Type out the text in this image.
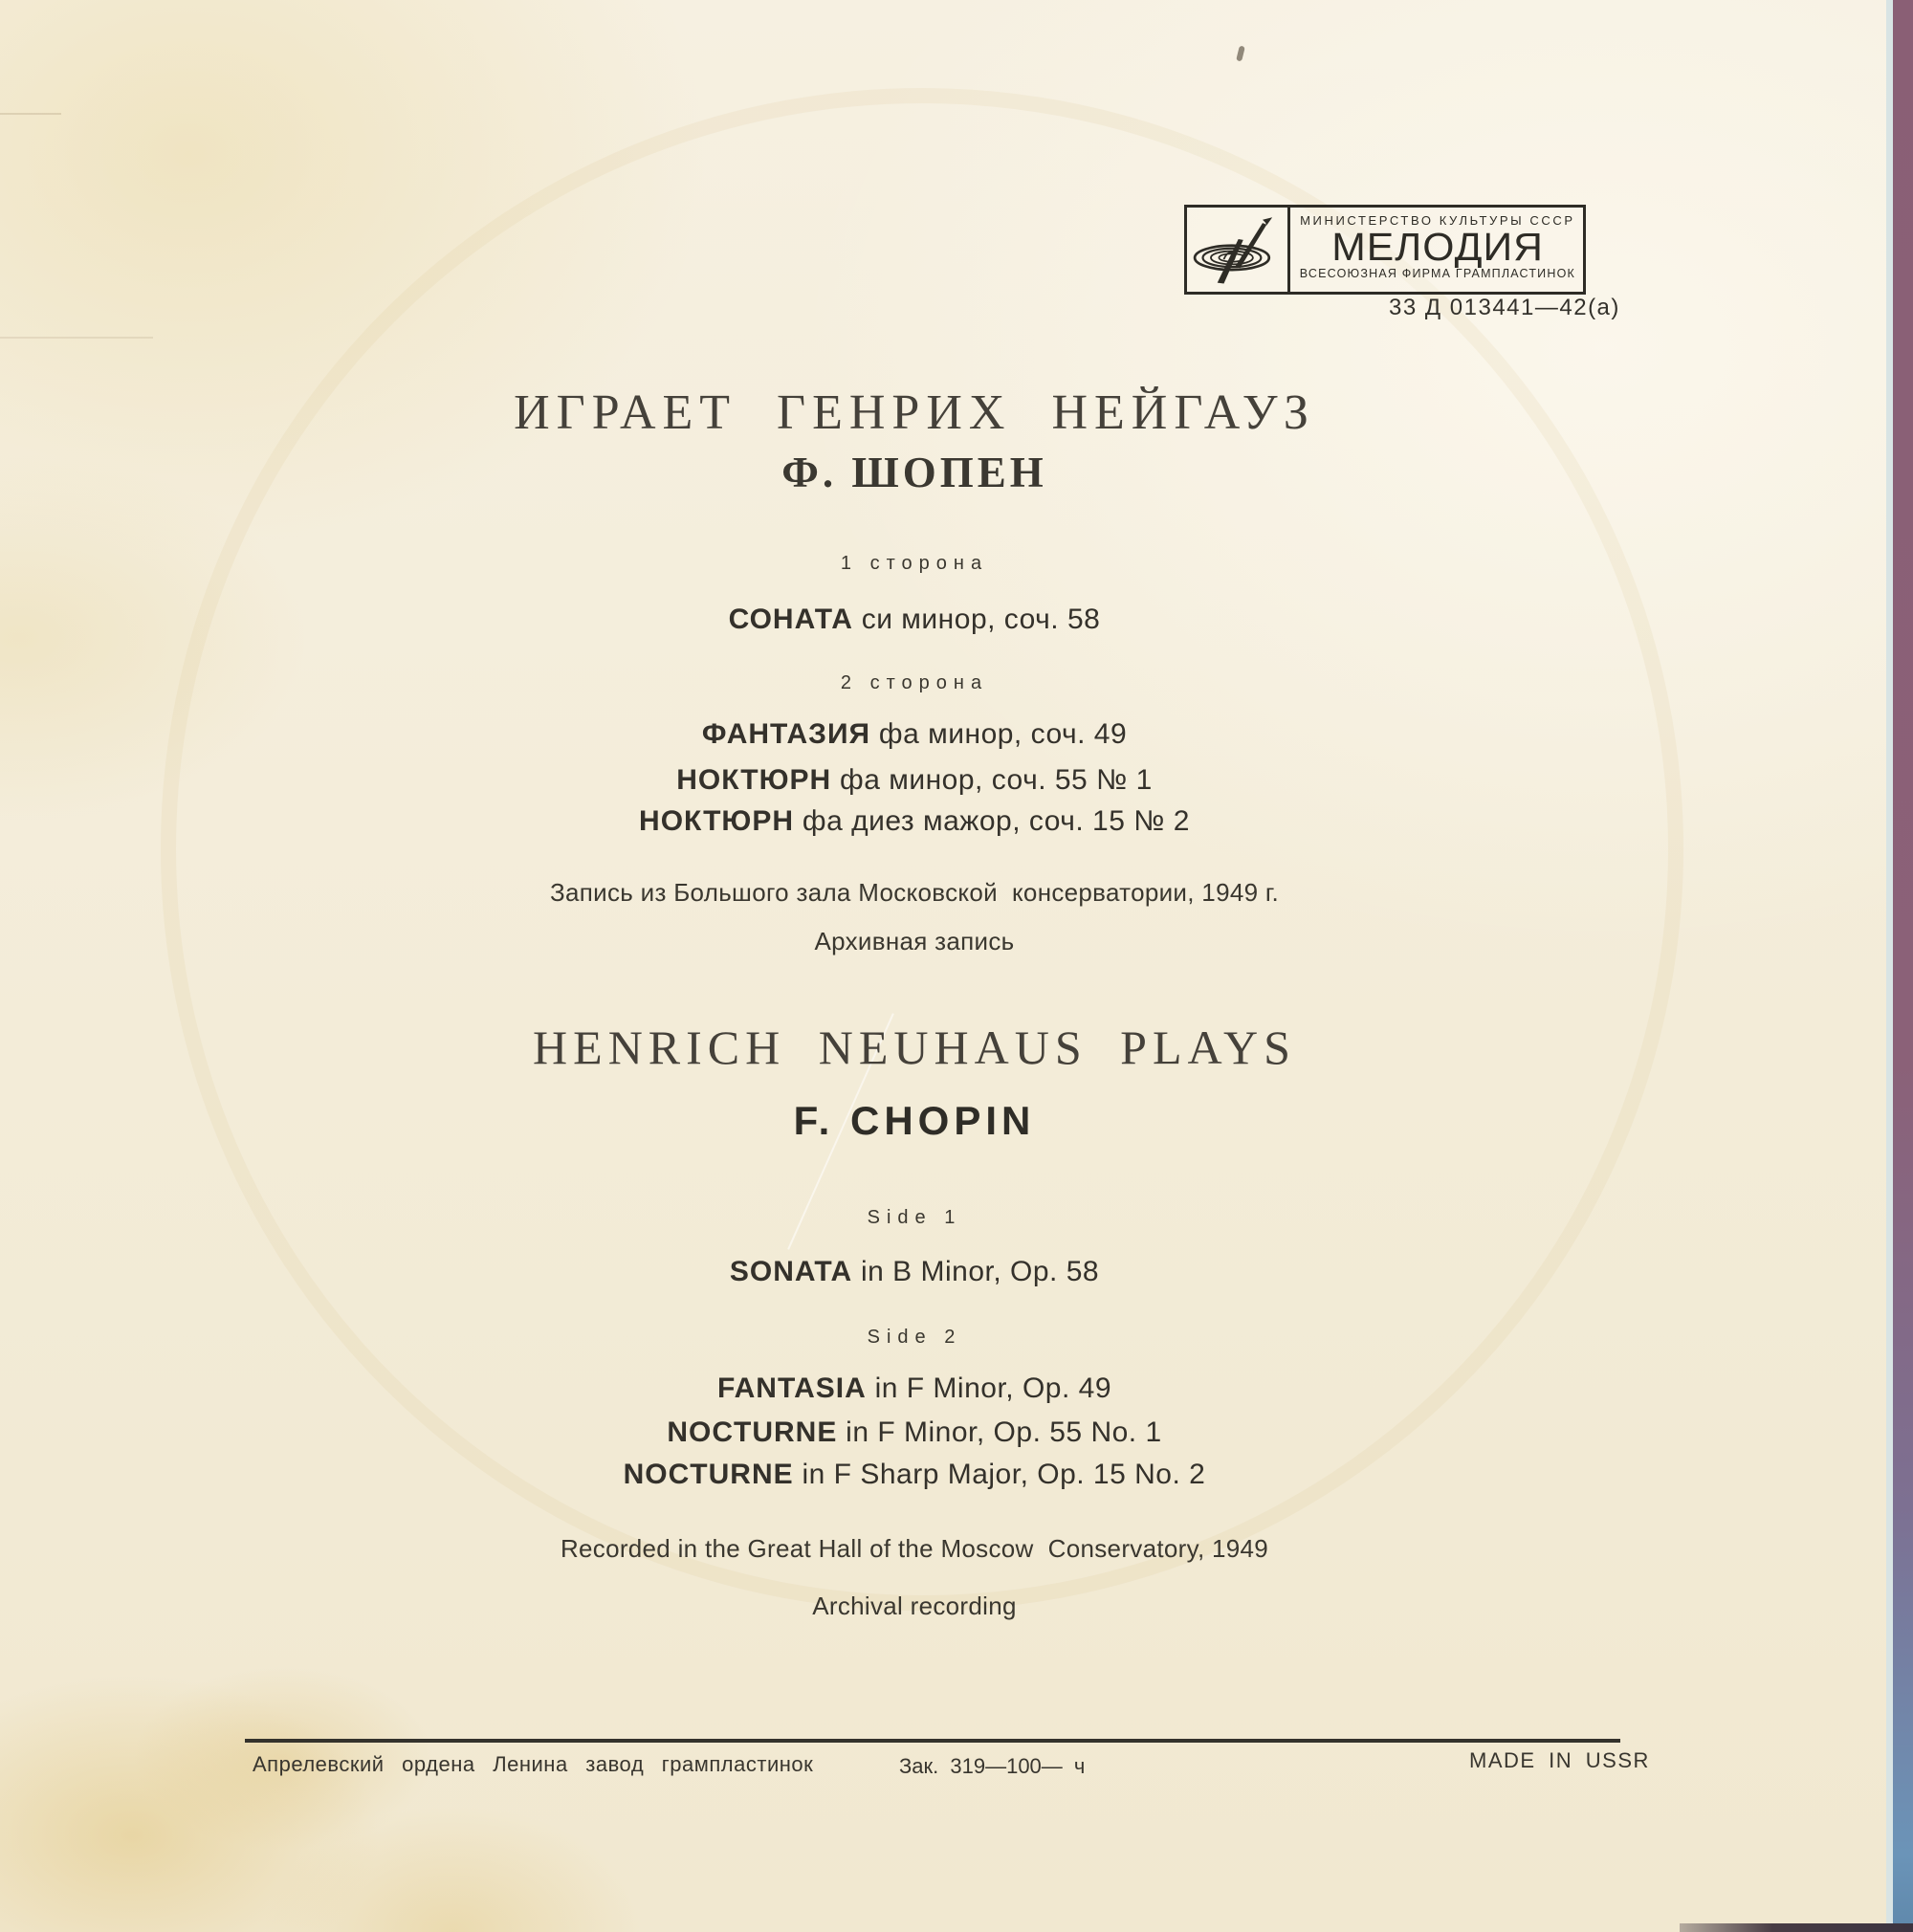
МИНИСТЕРСТВО КУЛЬТУРЫ СССР
МЕЛОДИЯ
ВСЕСОЮЗНАЯ ФИРМА ГРАМПЛАСТИНОК
33 Д 013441—42(а)
ИГРАЕТ ГЕНРИХ НЕЙГАУЗ
Ф. ШОПЕН
1 сторона
СОНАТА си минор, соч. 58
2 сторона
ФАНТАЗИЯ фа минор, соч. 49
НОКТЮРН фа минор, соч. 55 № 1
НОКТЮРН фа диез мажор, соч. 15 № 2
Запись из Большого зала Московской  консерватории, 1949 г.
Архивная запись
HENRICH NEUHAUS PLAYS
F. CHOPIN
Side 1
SONATA in B Minor, Op. 58
Side 2
FANTASIA in F Minor, Op. 49
NOCTURNE in F Minor, Op. 55 No. 1
NOCTURNE in F Sharp Major, Op. 15 No. 2
Recorded in the Great Hall of the Moscow  Conservatory, 1949
Archival recording
Апрелевский ордена Ленина завод грампластинок	Зак. 319—100— ч	MADE IN USSR
